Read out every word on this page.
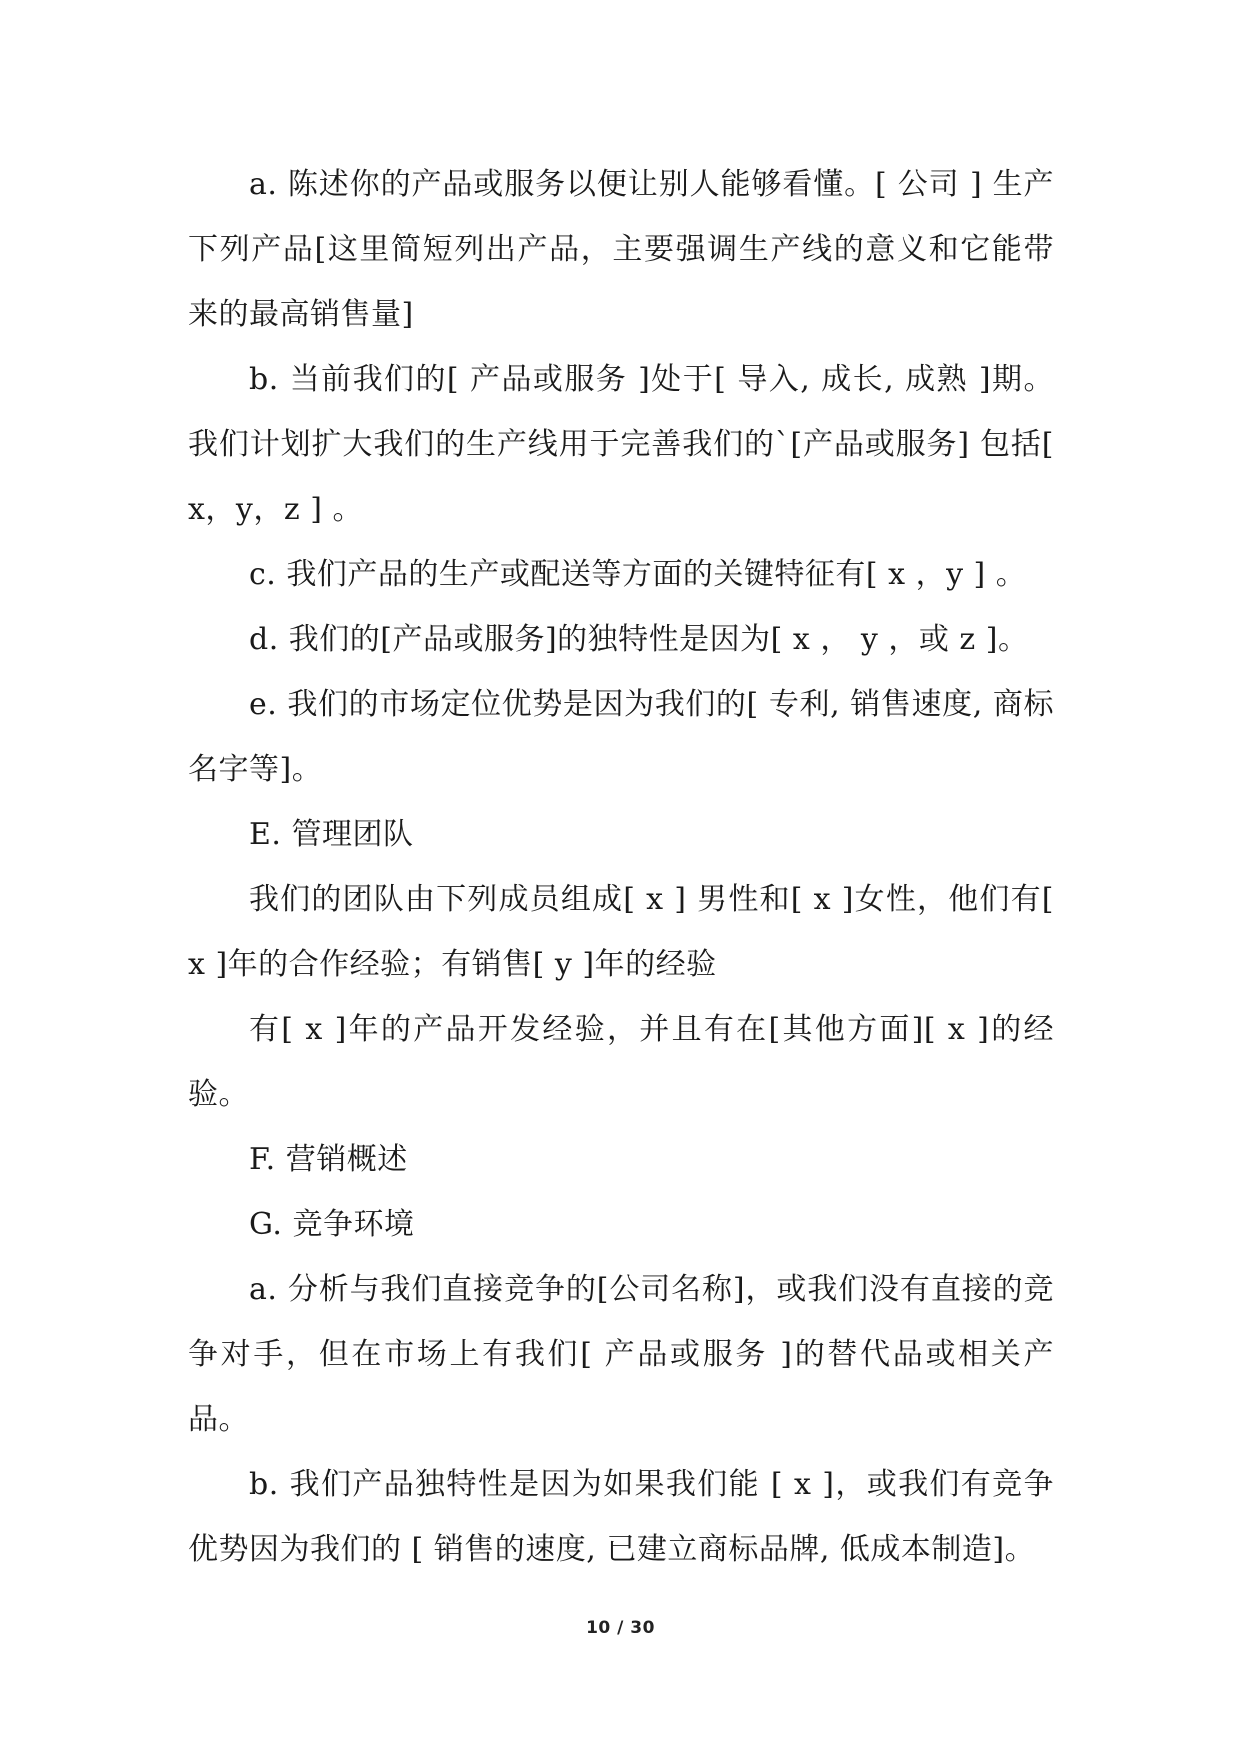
a. 陈述你的产品或服务以便让别人能够看懂。[ 公司 ] 生产下列产品[这里简短列出产品，主要强调生产线的意义和它能带来的最高销售量]

b. 当前我们的[ 产品或服务 ]处于[ 导入, 成长, 成熟 ]期。我们计划扩大我们的生产线用于完善我们的`[产品或服务] 包括[ x，y，z ] 。

c. 我们产品的生产或配送等方面的关键特征有[ x ，y ] 。

d. 我们的[产品或服务]的独特性是因为[ x ， y ，或 z ]。

e. 我们的市场定位优势是因为我们的[ 专利, 销售速度, 商标名字等]。

E. 管理团队

我们的团队由下列成员组成[ x ] 男性和[ x ]女性，他们有[ x ]年的合作经验；有销售[ y ]年的经验

有[ x ]年的产品开发经验，并且有在[其他方面][ x ]的经验。

F. 营销概述

G. 竞争环境

a. 分析与我们直接竞争的[公司名称]，或我们没有直接的竞争对手，但在市场上有我们[ 产品或服务 ]的替代品或相关产品。

b. 我们产品独特性是因为如果我们能 [ x ]，或我们有竞争优势因为我们的 [ 销售的速度, 已建立商标品牌, 低成本制造]。

10 / 30
